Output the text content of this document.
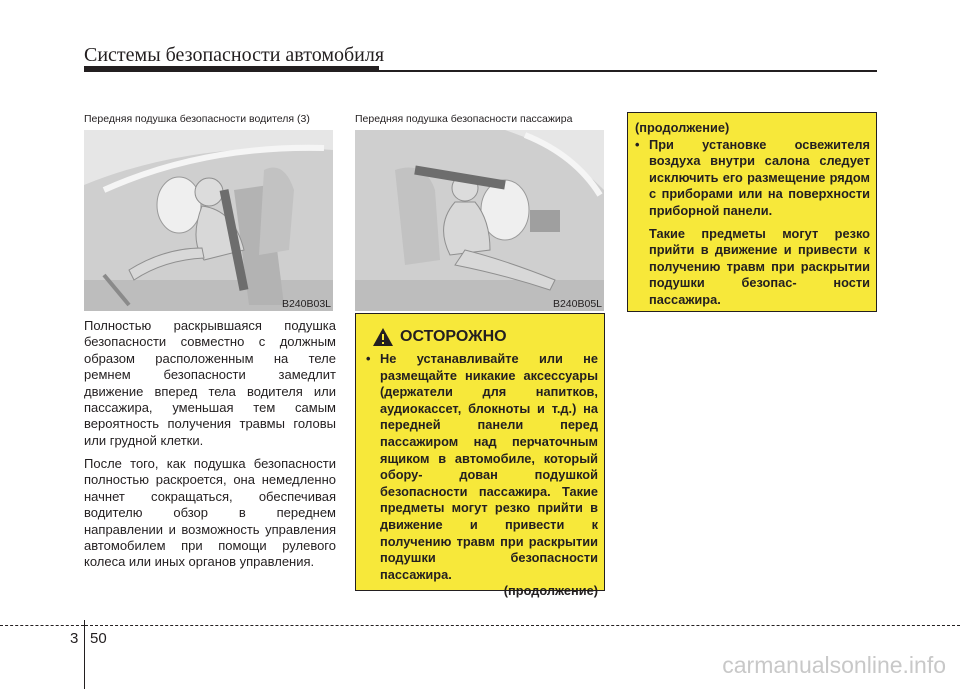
Системы безопасности автомобиля
Передняя подушка безопасности водителя (3)
B240B03L
Передняя подушка безопасности пассажира
B240B05L

Полностью раскрывшаяся подушка безопасности совместно с должным образом расположенным на теле ремнем безопасности замедлит движение вперед тела водителя или пассажира, уменьшая тем самым вероятность получения травмы головы или грудной клетки.

После того, как подушка безопасности полностью раскроется, она немедленно начнет сокращаться, обеспечивая водителю обзор в переднем направлении и возможность управления автомобилем при помощи рулевого колеса или иных органов управления.

ОСТОРОЖНО
• Не устанавливайте или не размещайте никакие аксессуары (держатели для напитков, аудиокассет, блокноты и т.д.) на передней панели перед пассажиром над перчаточным ящиком в автомобиле, который обору- дован подушкой безопасности пассажира. Такие предметы могут резко прийти в движение и привести к получению травм при раскрытии подушки безопасности пассажира.
(продолжение)
(продолжение)
• При установке освежителя воздуха внутри салона следует исключить его размещение рядом с приборами или на поверхности приборной панели.
Такие предметы могут резко прийти в движение и привести к получению травм при раскрытии подушки безопас- ности пассажира.
3 50
carmanualsonline.info
